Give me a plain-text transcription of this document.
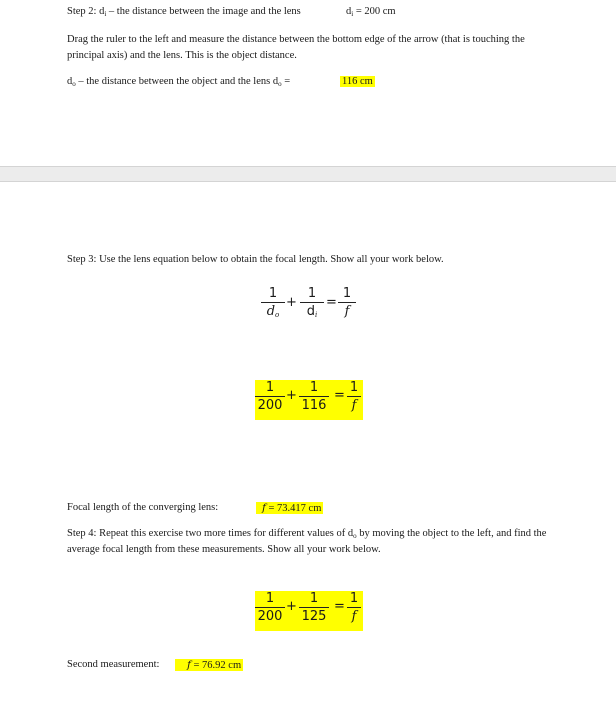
Step 2: di – the distance between the image and the lens	di = 200 cm
Drag the ruler to the left and measure the distance between the bottom edge of the arrow (that is touching the principal axis) and the lens. This is the object distance.
do – the distance between the object and the lens do =	116 cm
Step 3: Use the lens equation below to obtain the focal length. Show all your work below.
1
do
+
1
di
=
1
f
1
200
+
1
116
=
1
f
Focal length of the converging lens:	f = 73.417 cm
Step 4: Repeat this exercise two more times for different values of do by moving the object to the left, and find the average focal length from these measurements. Show all your work below.
1
200
+
1
125
=
1
f
Second measurement:	f = 76.92 cm
